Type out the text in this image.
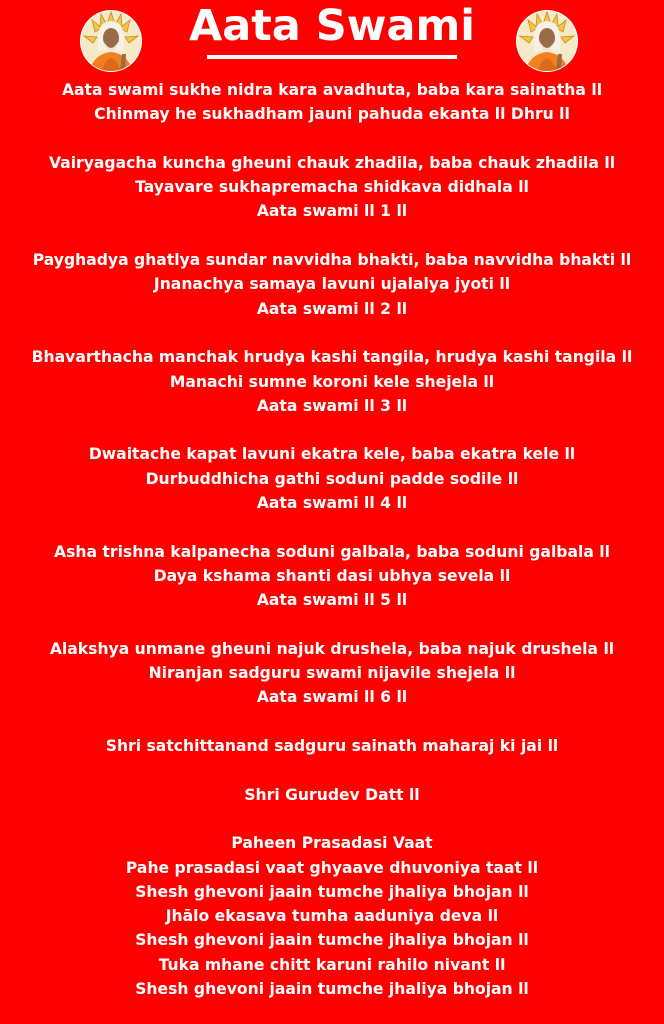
Aata Swami
Aata swami sukhe nidra kara avadhuta, baba kara sainatha ll
Chinmay he sukhadham jauni pahuda ekanta ll Dhru ll
Vairyagacha kuncha gheuni chauk zhadila, baba chauk zhadila ll
Tayavare sukhapremacha shidkava didhala ll
Aata swami ll 1 ll
Payghadya ghatlya sundar navvidha bhakti, baba navvidha bhakti ll
Jnanachya samaya lavuni ujalalya jyoti ll
Aata swami ll 2 ll
Bhavarthacha manchak hrudya kashi tangila, hrudya kashi tangila ll
Manachi sumne koroni kele shejela ll
Aata swami ll 3 ll
Dwaitache kapat lavuni ekatra kele, baba ekatra kele ll
Durbuddhicha gathi soduni padde sodile ll
Aata swami ll 4 ll
Asha trishna kalpanecha soduni galbala, baba soduni galbala ll
Daya kshama shanti dasi ubhya sevela ll
Aata swami ll 5 ll
Alakshya unmane gheuni najuk drushela, baba najuk drushela ll
Niranjan sadguru swami nijavile shejela ll
Aata swami ll 6 ll
Shri satchittanand sadguru sainath maharaj ki jai ll
Shri Gurudev Datt ll
Paheen Prasadasi Vaat
Pahe prasadasi vaat ghyaave dhuvoniya taat ll
Shesh ghevoni jaain tumche jhaliya bhojan ll
Jhālo ekasava tumha aaduniya deva ll
Shesh ghevoni jaain tumche jhaliya bhojan ll
Tuka mhane chitt karuni rahilo nivant ll
Shesh ghevoni jaain tumche jhaliya bhojan ll
